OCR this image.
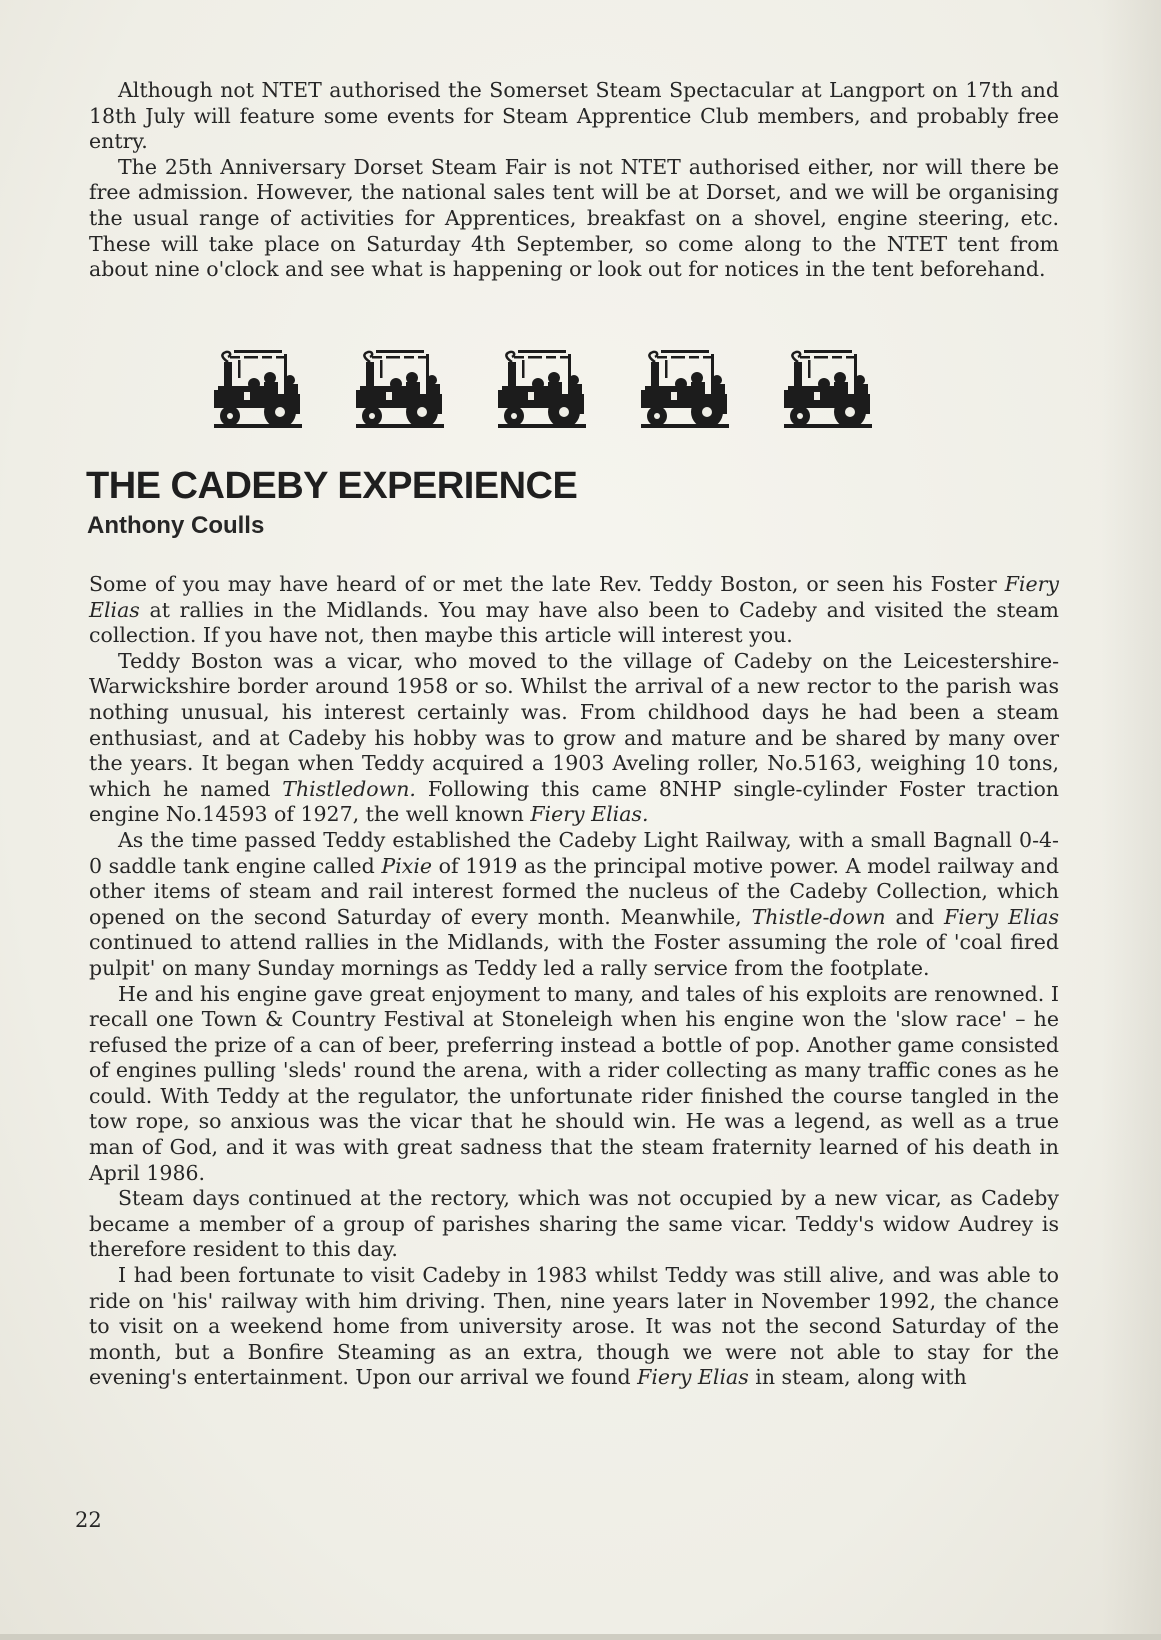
Although not NTET authorised the Somerset Steam Spectacular at Langport on 17th and 18th July will feature some events for Steam Apprentice Club members, and probably free entry.

The 25th Anniversary Dorset Steam Fair is not NTET authorised either, nor will there be free admission. However, the national sales tent will be at Dorset, and we will be organising the usual range of activities for Apprentices, breakfast on a shovel, engine steering, etc. These will take place on Saturday 4th September, so come along to the NTET tent from about nine o'clock and see what is happening or look out for notices in the tent beforehand.

THE CADEBY EXPERIENCE
Anthony Coulls

Some of you may have heard of or met the late Rev. Teddy Boston, or seen his Foster Fiery Elias at rallies in the Midlands. You may have also been to Cadeby and visited the steam collection. If you have not, then maybe this article will interest you.

Teddy Boston was a vicar, who moved to the village of Cadeby on the Leicestershire-Warwickshire border around 1958 or so. Whilst the arrival of a new rector to the parish was nothing unusual, his interest certainly was. From childhood days he had been a steam enthusiast, and at Cadeby his hobby was to grow and mature and be shared by many over the years. It began when Teddy acquired a 1903 Aveling roller, No.5163, weighing 10 tons, which he named Thistledown. Following this came 8NHP single-cylinder Foster traction engine No.14593 of 1927, the well known Fiery Elias.

As the time passed Teddy established the Cadeby Light Railway, with a small Bagnall 0-4-0 saddle tank engine called Pixie of 1919 as the principal motive power. A model railway and other items of steam and rail interest formed the nucleus of the Cadeby Collection, which opened on the second Saturday of every month. Meanwhile, Thistle-down and Fiery Elias continued to attend rallies in the Midlands, with the Foster assuming the role of 'coal fired pulpit' on many Sunday mornings as Teddy led a rally service from the footplate.

He and his engine gave great enjoyment to many, and tales of his exploits are renowned. I recall one Town & Country Festival at Stoneleigh when his engine won the 'slow race' – he refused the prize of a can of beer, preferring instead a bottle of pop. Another game consisted of engines pulling 'sleds' round the arena, with a rider collecting as many traffic cones as he could. With Teddy at the regulator, the unfortunate rider finished the course tangled in the tow rope, so anxious was the vicar that he should win. He was a legend, as well as a true man of God, and it was with great sadness that the steam fraternity learned of his death in April 1986.

Steam days continued at the rectory, which was not occupied by a new vicar, as Cadeby became a member of a group of parishes sharing the same vicar. Teddy's widow Audrey is therefore resident to this day.

I had been fortunate to visit Cadeby in 1983 whilst Teddy was still alive, and was able to ride on 'his' railway with him driving. Then, nine years later in November 1992, the chance to visit on a weekend home from university arose. It was not the second Saturday of the month, but a Bonfire Steaming as an extra, though we were not able to stay for the evening's entertainment. Upon our arrival we found Fiery Elias in steam, along with

22
